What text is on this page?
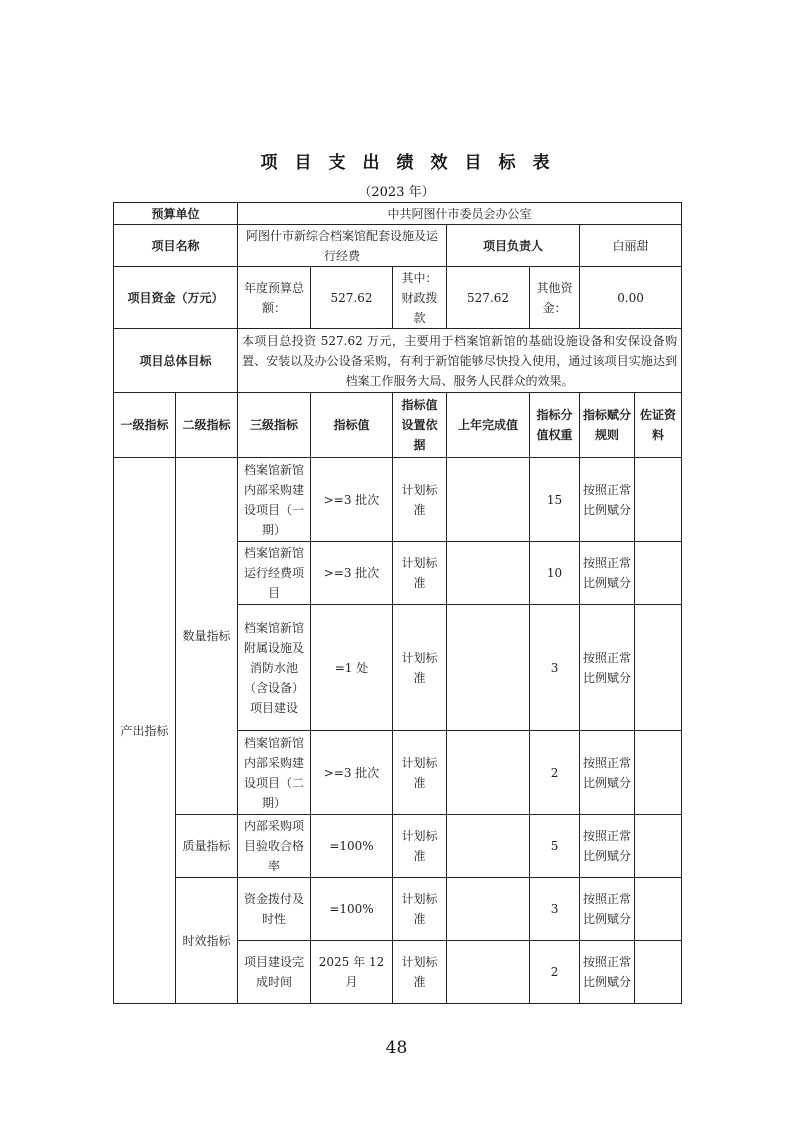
项目支出绩效目标表
（2023 年）
预算单位		中共阿图什市委员会办公室						
项目名称		阿图什市新综合档案馆配套设施及运行经费			项目负责人		白丽甜	
项目资金（万元）		年度预算总额：	527.62	其中：财政拨款	527.62	其他资金：	0.00	
项目总体目标		本项目总投资 527.62 万元，主要用于档案馆新馆的基础设施设备和安保设备购置、安装以及办公设备采购，有利于新馆能够尽快投入使用，通过该项目实施达到档案工作服务大局、服务人民群众的效果。						
一级指标	二级指标	三级指标	指标值	指标值设置依据	上年完成值	指标分值权重	指标赋分规则	佐证资料
产出指标	数量指标	档案馆新馆内部采购建设项目（一期）	>=3 批次	计划标准		15	按照正常比例赋分	
		档案馆新馆运行经费项目	>=3 批次	计划标准		10	按照正常比例赋分	
		档案馆新馆附属设施及消防水池（含设备）项目建设	=1 处	计划标准		3	按照正常比例赋分	
		档案馆新馆内部采购建设项目（二期）	>=3 批次	计划标准		2	按照正常比例赋分	
	质量指标	内部采购项目验收合格率	=100%	计划标准		5	按照正常比例赋分	
	时效指标	资金拨付及时性	=100%	计划标准		3	按照正常比例赋分	
		项目建设完成时间	2025 年 12 月	计划标准		2	按照正常比例赋分	
48
